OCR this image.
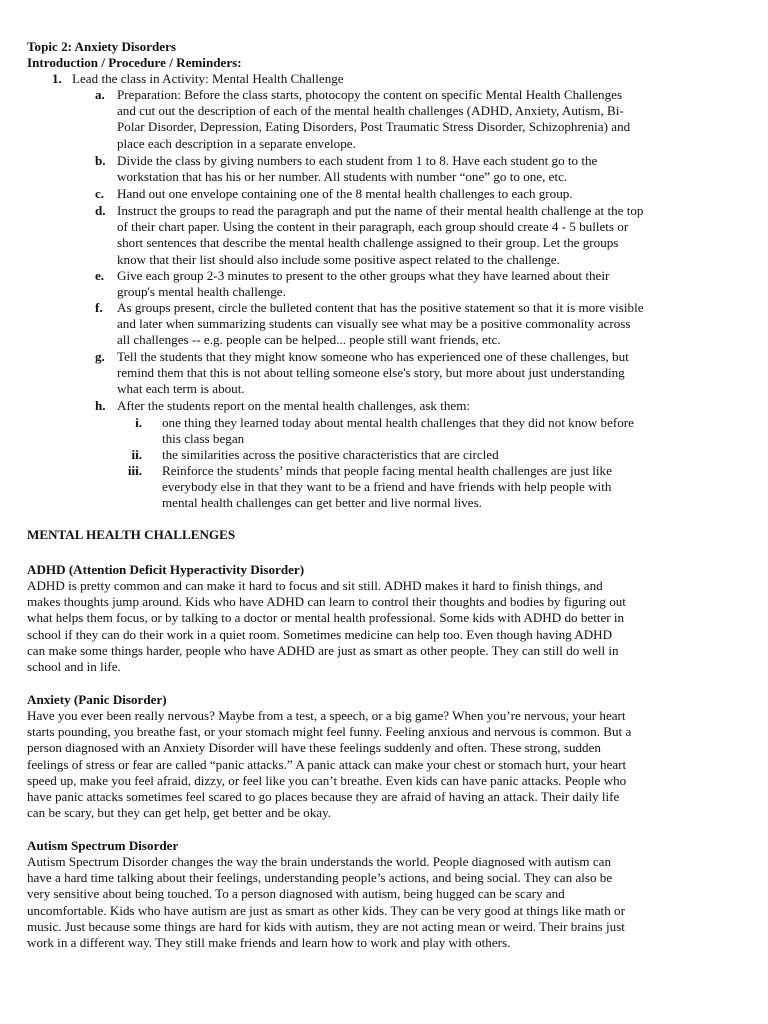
Topic 2: Anxiety Disorders
Introduction / Procedure / Reminders:
1. Lead the class in Activity: Mental Health Challenge
a. Preparation: Before the class starts, photocopy the content on specific Mental Health Challenges
and cut out the description of each of the mental health challenges (ADHD, Anxiety, Autism, Bi-
Polar Disorder, Depression, Eating Disorders, Post Traumatic Stress Disorder, Schizophrenia) and
place each description in a separate envelope.
b. Divide the class by giving numbers to each student from 1 to 8. Have each student go to the
workstation that has his or her number. All students with number “one” go to one, etc.
c. Hand out one envelope containing one of the 8 mental health challenges to each group.
d. Instruct the groups to read the paragraph and put the name of their mental health challenge at the top
of their chart paper. Using the content in their paragraph, each group should create 4 - 5 bullets or
short sentences that describe the mental health challenge assigned to their group. Let the groups
know that their list should also include some positive aspect related to the challenge.
e. Give each group 2-3 minutes to present to the other groups what they have learned about their
group's mental health challenge.
f. As groups present, circle the bulleted content that has the positive statement so that it is more visible
and later when summarizing students can visually see what may be a positive commonality across
all challenges -- e.g. people can be helped... people still want friends, etc.
g. Tell the students that they might know someone who has experienced one of these challenges, but
remind them that this is not about telling someone else's story, but more about just understanding
what each term is about.
h. After the students report on the mental health challenges, ask them:
i. one thing they learned today about mental health challenges that they did not know before
this class began
ii. the similarities across the positive characteristics that are circled
iii. Reinforce the students’ minds that people facing mental health challenges are just like
everybody else in that they want to be a friend and have friends with help people with
mental health challenges can get better and live normal lives.
MENTAL HEALTH CHALLENGES
ADHD (Attention Deficit Hyperactivity Disorder)
ADHD is pretty common and can make it hard to focus and sit still. ADHD makes it hard to finish things, and
makes thoughts jump around. Kids who have ADHD can learn to control their thoughts and bodies by figuring out
what helps them focus, or by talking to a doctor or mental health professional. Some kids with ADHD do better in
school if they can do their work in a quiet room. Sometimes medicine can help too. Even though having ADHD
can make some things harder, people who have ADHD are just as smart as other people. They can still do well in
school and in life.
Anxiety (Panic Disorder)
Have you ever been really nervous? Maybe from a test, a speech, or a big game? When you’re nervous, your heart
starts pounding, you breathe fast, or your stomach might feel funny. Feeling anxious and nervous is common. But a
person diagnosed with an Anxiety Disorder will have these feelings suddenly and often. These strong, sudden
feelings of stress or fear are called “panic attacks.” A panic attack can make your chest or stomach hurt, your heart
speed up, make you feel afraid, dizzy, or feel like you can’t breathe. Even kids can have panic attacks. People who
have panic attacks sometimes feel scared to go places because they are afraid of having an attack. Their daily life
can be scary, but they can get help, get better and be okay.
Autism Spectrum Disorder
Autism Spectrum Disorder changes the way the brain understands the world. People diagnosed with autism can
have a hard time talking about their feelings, understanding people’s actions, and being social. They can also be
very sensitive about being touched. To a person diagnosed with autism, being hugged can be scary and
uncomfortable. Kids who have autism are just as smart as other kids. They can be very good at things like math or
music. Just because some things are hard for kids with autism, they are not acting mean or weird. Their brains just
work in a different way. They still make friends and learn how to work and play with others.
